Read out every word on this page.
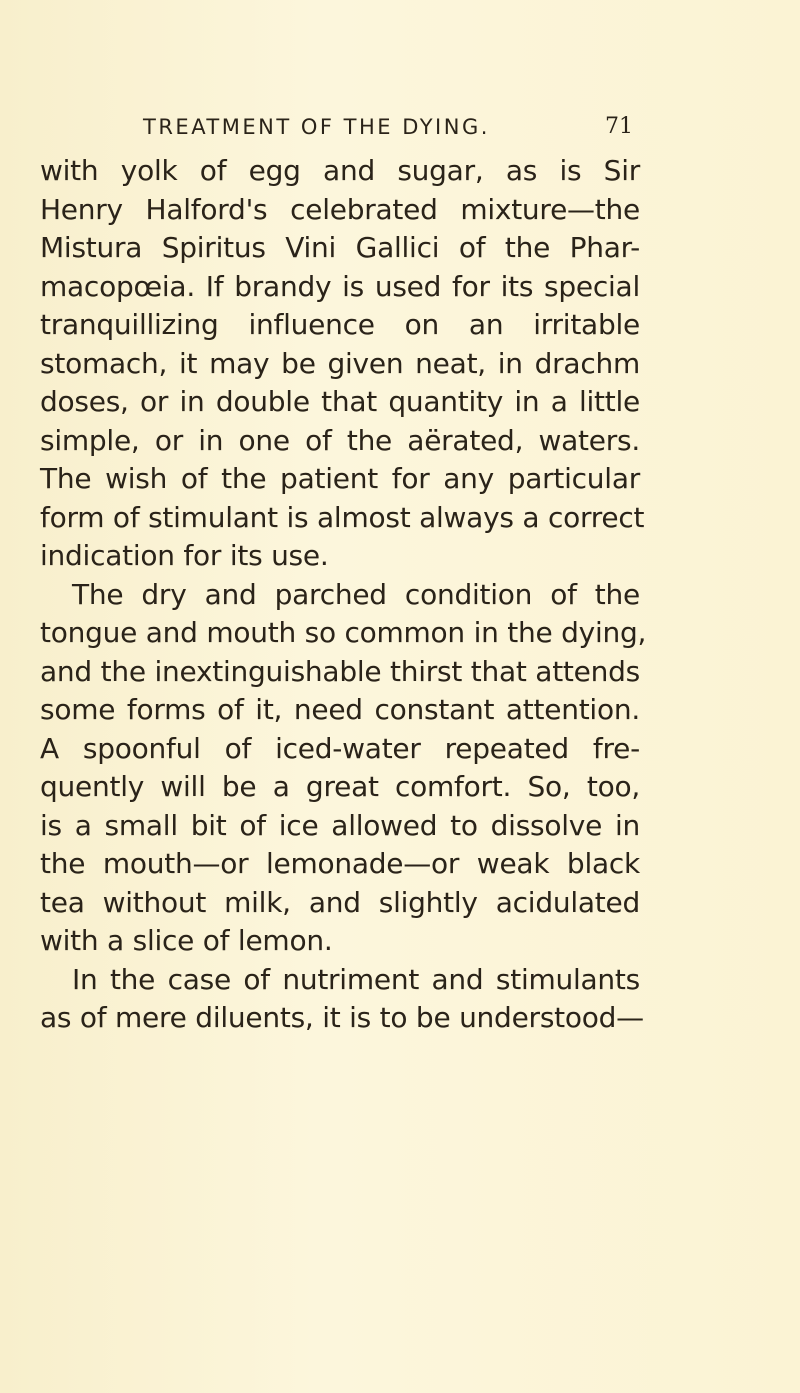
TREATMENT OF THE DYING.	71
with yolk of egg and sugar, as is Sir
Henry Halford's celebrated mixture—the
Mistura Spiritus Vini Gallici of the Phar-
macopœia. If brandy is used for its special
tranquillizing influence on an irritable
stomach, it may be given neat, in drachm
doses, or in double that quantity in a little
simple, or in one of the aërated, waters.
The wish of the patient for any particular
form of stimulant is almost always a correct
indication for its use.
The dry and parched condition of the
tongue and mouth so common in the dying,
and the inextinguishable thirst that attends
some forms of it, need constant attention.
A spoonful of iced-water repeated fre-
quently will be a great comfort. So, too,
is a small bit of ice allowed to dissolve in
the mouth—or lemonade—or weak black
tea without milk, and slightly acidulated
with a slice of lemon.
In the case of nutriment and stimulants
as of mere diluents, it is to be understood—
